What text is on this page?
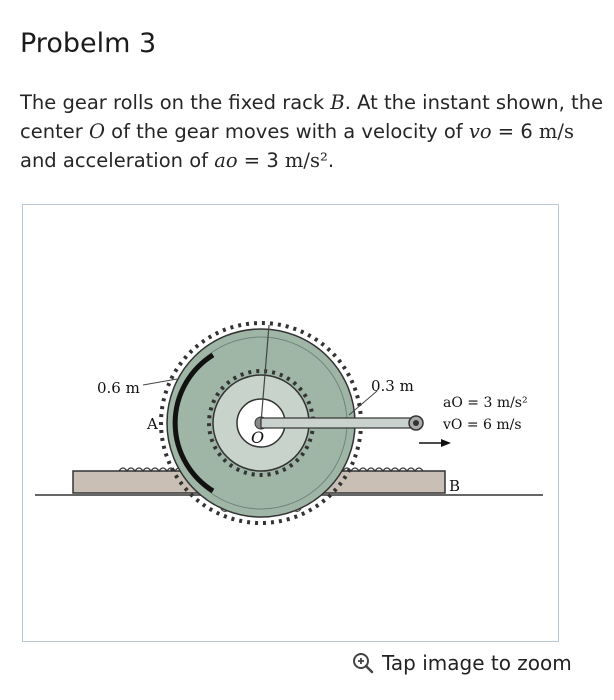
Probelm 3
The gear rolls on the fixed rack B. At the instant shown, the center O of the gear moves with a velocity of vo = 6 m/s and acceleration of ao = 3 m/s².
0.6 m	0.3 m
A
O
B
aO = 3 m/s²
vO = 6 m/s
Tap image to zoom
